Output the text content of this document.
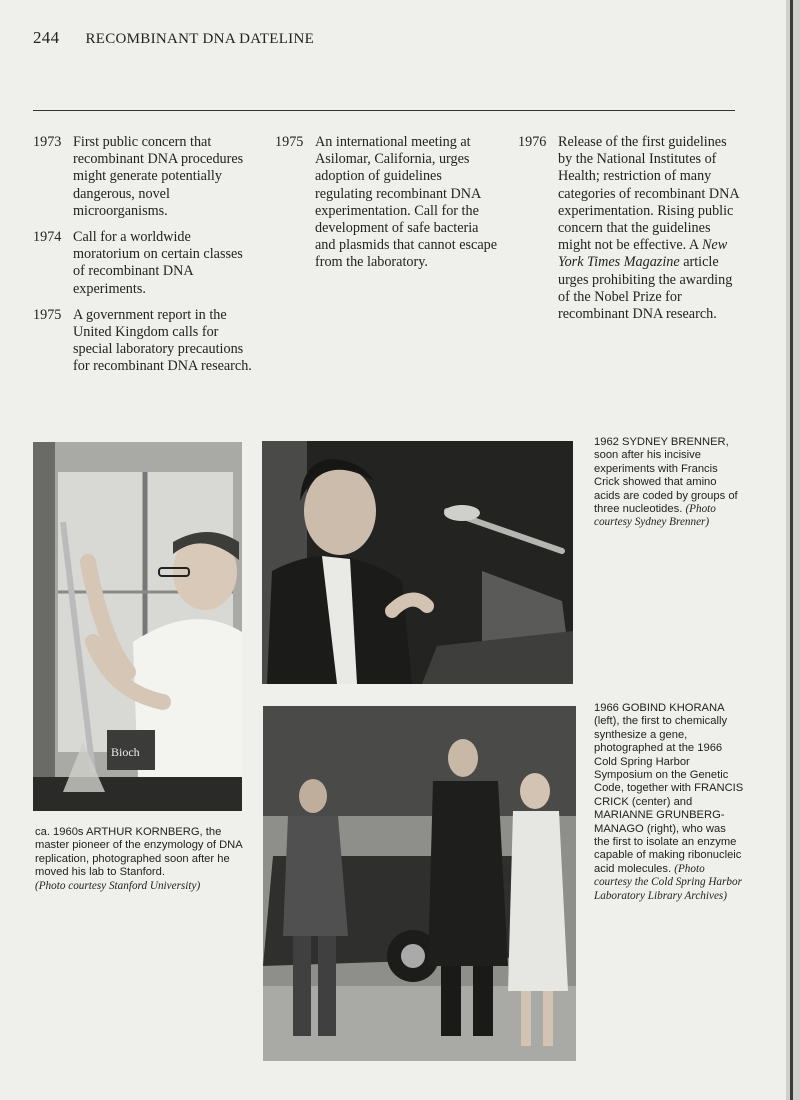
244 RECOMBINANT DNA DATELINE
1973 First public concern that recombinant DNA procedures might generate potentially dangerous, novel microorganisms.
1974 Call for a worldwide moratorium on certain classes of recombinant DNA experiments.
1975 A government report in the United Kingdom calls for special laboratory precautions for recombinant DNA research.
1975 An international meeting at Asilomar, California, urges adoption of guidelines regulating recombinant DNA experimentation. Call for the development of safe bacteria and plasmids that cannot escape from the laboratory.
1976 Release of the first guidelines by the National Institutes of Health; restriction of many categories of recombinant DNA experimentation. Rising public concern that the guidelines might not be effective. A New York Times Magazine article urges prohibiting the awarding of the Nobel Prize for recombinant DNA research.
Bioch
ca. 1960s ARTHUR KORNBERG, the master pioneer of the enzymology of DNA replication, photographed soon after he moved his lab to Stanford.
(Photo courtesy Stanford University)
1962 SYDNEY BRENNER, soon after his incisive experiments with Francis Crick showed that amino acids are coded by groups of three nucleotides. (Photo courtesy Sydney Brenner)
1966 GOBIND KHORANA (left), the first to chemically synthesize a gene, photographed at the 1966 Cold Spring Harbor Symposium on the Genetic Code, together with FRANCIS CRICK (center) and MARIANNE GRUNBERG-MANAGO (right), who was the first to isolate an enzyme capable of making ribonucleic acid molecules. (Photo courtesy the Cold Spring Harbor Laboratory Library Archives)
